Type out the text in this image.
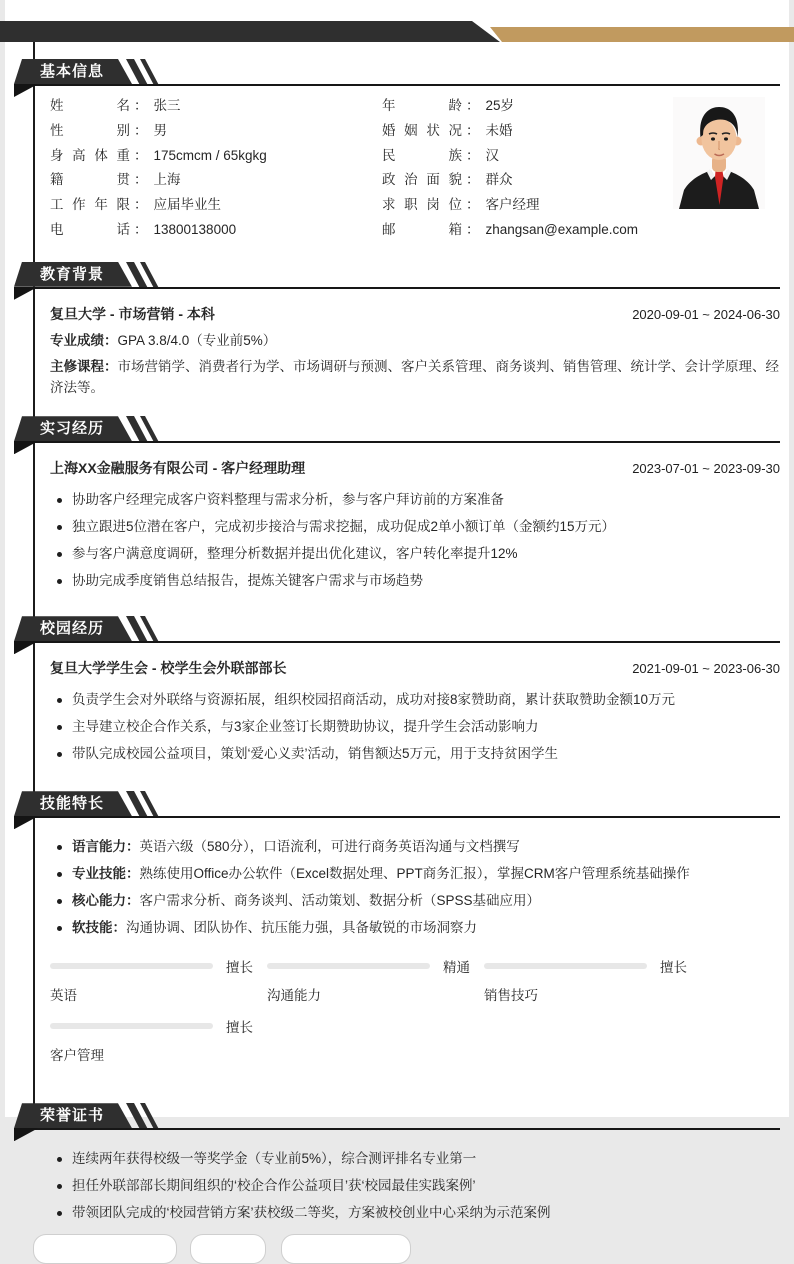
基本信息
姓名 ： 张三
性别 ： 男
身高体重 ： 175cmcm / 65kgkg
籍贯 ： 上海
工作年限 ： 应届毕业生
电话 ： 13800138000
年龄 ： 25岁
婚姻状况 ： 未婚
民族 ： 汉
政治面貌 ： 群众
求职岗位 ： 客户经理
邮箱 ： zhangsan@example.com
教育背景
复旦大学 - 市场营销 - 本科	2020-09-01 ~ 2024-06-30
专业成绩：GPA 3.8/4.0（专业前5%）
主修课程：市场营销学、消费者行为学、市场调研与预测、客户关系管理、商务谈判、销售管理、统计学、会计学原理、经济法等。
实习经历
上海XX金融服务有限公司 - 客户经理助理	2023-07-01 ~ 2023-09-30
协助客户经理完成客户资料整理与需求分析，参与客户拜访前的方案准备
独立跟进5位潜在客户，完成初步接洽与需求挖掘，成功促成2单小额订单（金额约15万元）
参与客户满意度调研，整理分析数据并提出优化建议，客户转化率提升12%
协助完成季度销售总结报告，提炼关键客户需求与市场趋势
校园经历
复旦大学学生会 - 校学生会外联部部长	2021-09-01 ~ 2023-06-30
负责学生会对外联络与资源拓展，组织校园招商活动，成功对接8家赞助商，累计获取赞助金额10万元
主导建立校企合作关系，与3家企业签订长期赞助协议，提升学生会活动影响力
带队完成校园公益项目，策划‘爱心义卖’活动，销售额达5万元，用于支持贫困学生
技能特长
语言能力：英语六级（580分），口语流利，可进行商务英语沟通与文档撰写
专业技能：熟练使用Office办公软件（Excel数据处理、PPT商务汇报），掌握CRM客户管理系统基础操作
核心能力：客户需求分析、商务谈判、活动策划、数据分析（SPSS基础应用）
软技能：沟通协调、团队协作、抗压能力强，具备敏锐的市场洞察力
擅长
英语
精通
沟通能力
擅长
销售技巧
擅长
客户管理
荣誉证书
连续两年获得校级一等奖学金（专业前5%），综合测评排名专业第一
担任外联部部长期间组织的‘校企合作公益项目’获‘校园最佳实践案例’
带领团队完成的‘校园营销方案’获校级二等奖，方案被校创业中心采纳为示范案例
